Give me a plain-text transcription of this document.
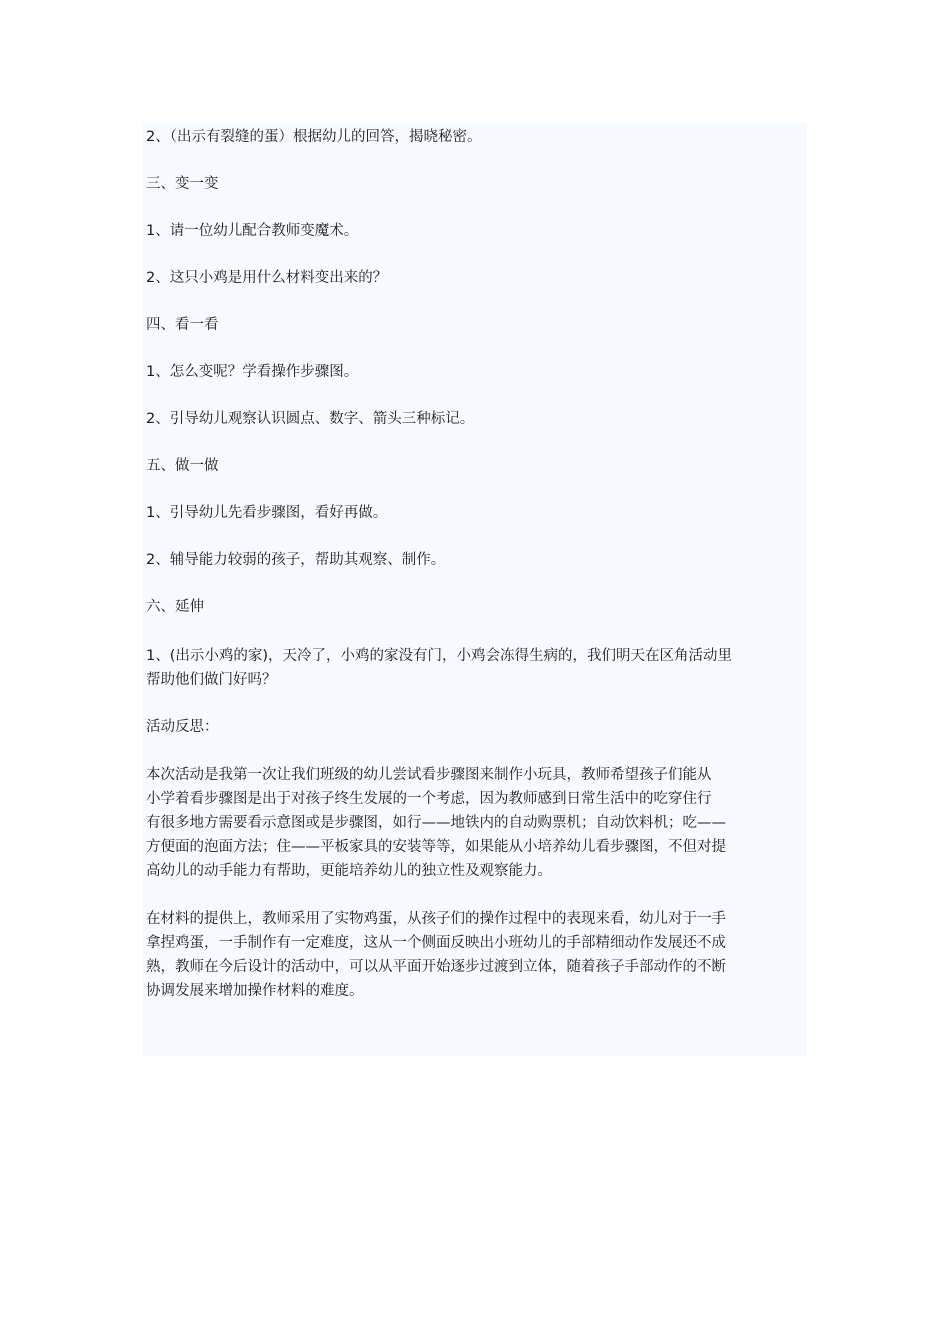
2、（出示有裂缝的蛋）根据幼儿的回答，揭晓秘密。

三、变一变

1、请一位幼儿配合教师变魔术。

2、这只小鸡是用什么材料变出来的？

四、看一看

1、怎么变呢？学看操作步骤图。

2、引导幼儿观察认识圆点、数字、箭头三种标记。

五、做一做

1、引导幼儿先看步骤图，看好再做。

2、辅导能力较弱的孩子，帮助其观察、制作。

六、延伸

1、(出示小鸡的家)，天冷了，小鸡的家没有门，小鸡会冻得生病的，我们明天在区角活动里
帮助他们做门好吗？

活动反思：

本次活动是我第一次让我们班级的幼儿尝试看步骤图来制作小玩具，教师希望孩子们能从
小学着看步骤图是出于对孩子终生发展的一个考虑，因为教师感到日常生活中的吃穿住行
有很多地方需要看示意图或是步骤图，如行——地铁内的自动购票机；自动饮料机；吃——
方便面的泡面方法；住——平板家具的安装等等，如果能从小培养幼儿看步骤图，不但对提
高幼儿的动手能力有帮助，更能培养幼儿的独立性及观察能力。
在材料的提供上，教师采用了实物鸡蛋，从孩子们的操作过程中的表现来看，幼儿对于一手
拿捏鸡蛋，一手制作有一定难度，这从一个侧面反映出小班幼儿的手部精细动作发展还不成
熟，教师在今后设计的活动中，可以从平面开始逐步过渡到立体，随着孩子手部动作的不断
协调发展来增加操作材料的难度。
